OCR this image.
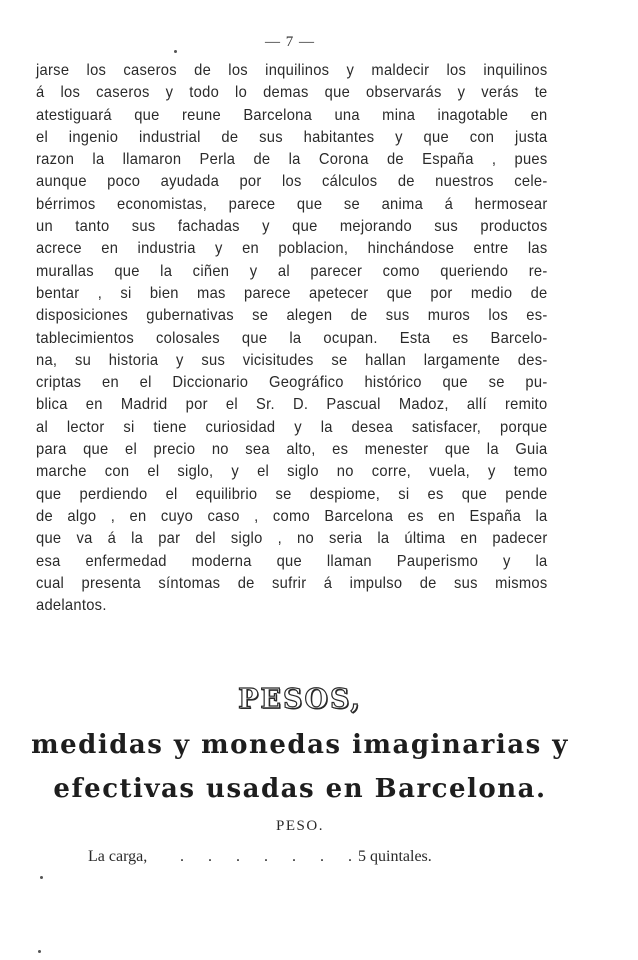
— 7 —
jarse los caseros de los inquilinos y maldecir los inquilinos
á los caseros y todo lo demas que observarás y verás te
atestiguará que reune Barcelona una mina inagotable en
el ingenio industrial de sus habitantes y que con justa
razon la llamaron Perla de la Corona de España , pues
aunque poco ayudada por los cálculos de nuestros cele-
bérrimos economistas, parece que se anima á hermosear
un tanto sus fachadas y que mejorando sus productos
acrece en industria y en poblacion, hinchándose entre las
murallas que la ciñen y al parecer como queriendo re-
bentar , si bien mas parece apetecer que por medio de
disposiciones gubernativas se alegen de sus muros los es-
tablecimientos colosales que la ocupan. Esta es Barcelo-
na, su historia y sus vicisitudes se hallan largamente des-
criptas en el Diccionario Geográfico histórico que se pu-
blica en Madrid por el Sr. D. Pascual Madoz, allí remito
al lector si tiene curiosidad y la desea satisfacer, porque
para que el precio no sea alto, es menester que la Guia
marche con el siglo, y el siglo no corre, vuela, y temo
que perdiendo el equilibrio se despiome, si es que pende
de algo , en cuyo caso , como Barcelona es en España la
que va á la par del siglo , no seria la última en padecer
esa enfermedad moderna que llaman Pauperismo y la
cual presenta síntomas de sufrir á impulso de sus mismos
adelantos.
PESOS,
medidas y monedas imaginarias y
efectivas usadas en Barcelona.
PESO.
La carga, . . . . . . .
5 quintales.
